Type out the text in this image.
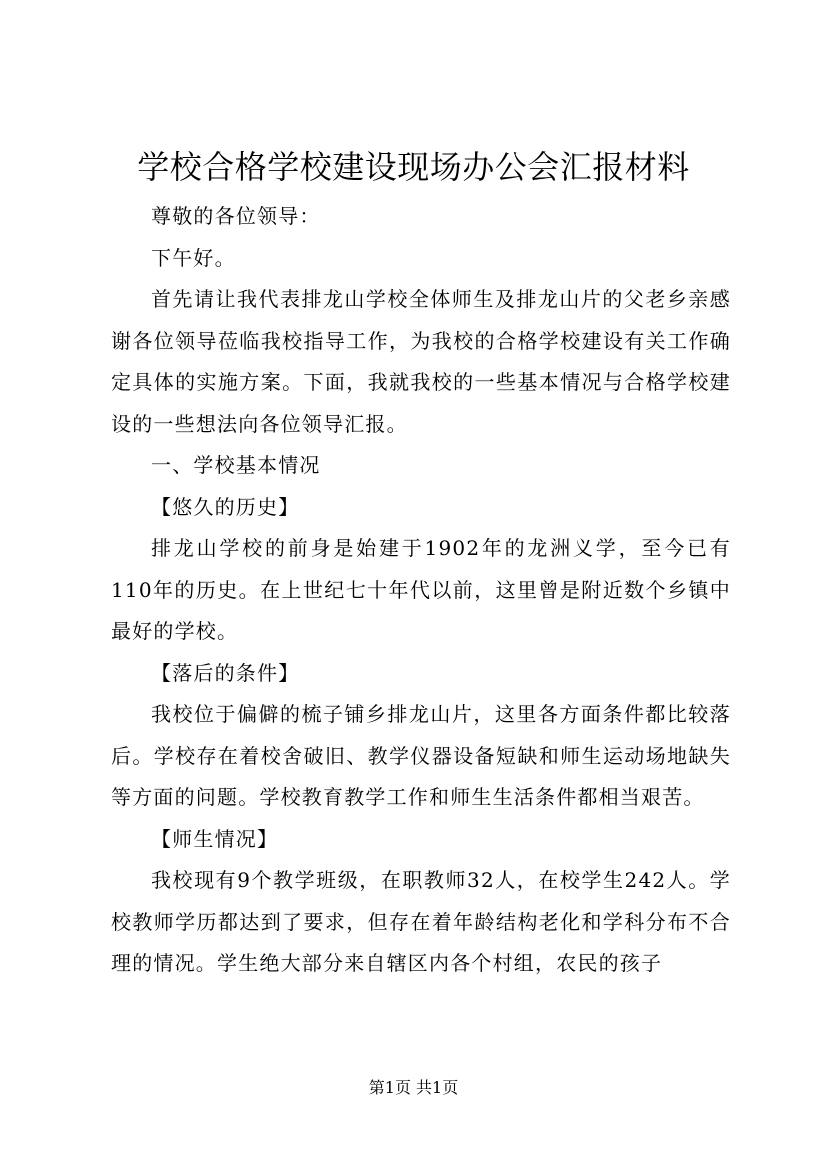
学校合格学校建设现场办公会汇报材料

尊敬的各位领导：

下午好。

首先请让我代表排龙山学校全体师生及排龙山片的父老乡亲感谢各位领导莅临我校指导工作，为我校的合格学校建设有关工作确定具体的实施方案。下面，我就我校的一些基本情况与合格学校建设的一些想法向各位领导汇报。

一、学校基本情况

【悠久的历史】

排龙山学校的前身是始建于1902年的龙洲义学，至今已有110年的历史。在上世纪七十年代以前，这里曾是附近数个乡镇中最好的学校。

【落后的条件】

我校位于偏僻的梳子铺乡排龙山片，这里各方面条件都比较落后。学校存在着校舍破旧、教学仪器设备短缺和师生运动场地缺失等方面的问题。学校教育教学工作和师生生活条件都相当艰苦。

【师生情况】

我校现有9个教学班级，在职教师32人，在校学生242人。学校教师学历都达到了要求，但存在着年龄结构老化和学科分布不合理的情况。学生绝大部分来自辖区内各个村组，农民的孩子

第1页 共1页
